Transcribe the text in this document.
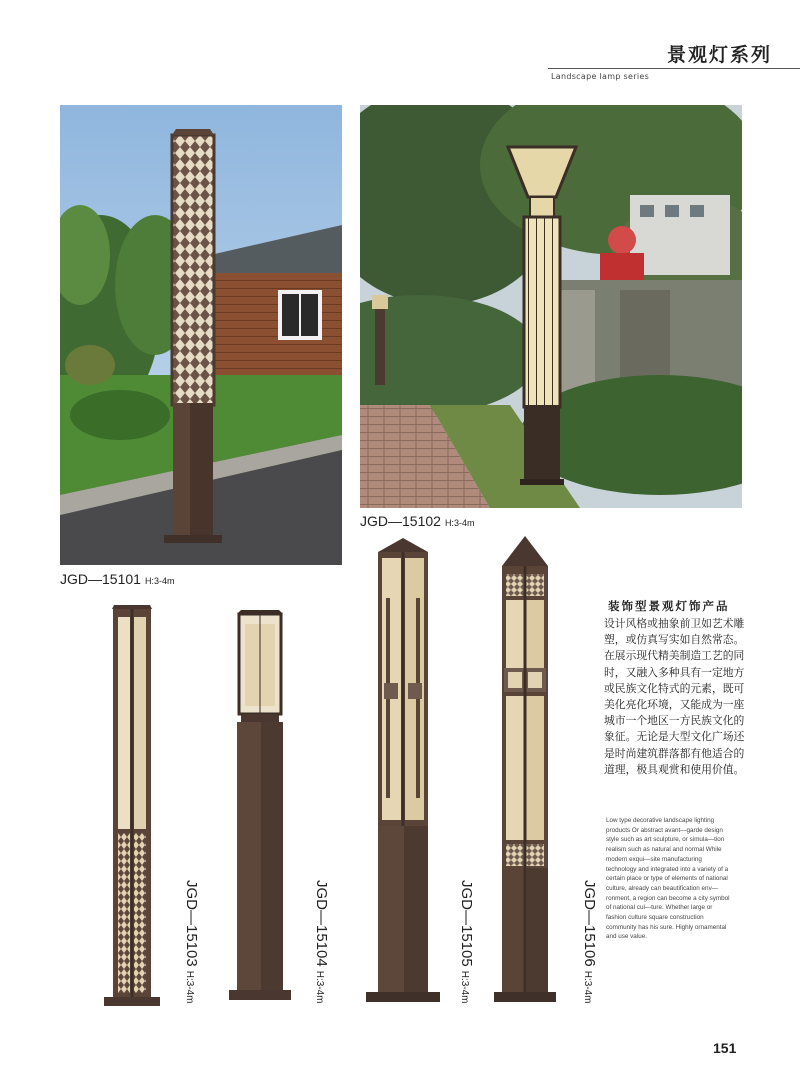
景观灯系列
Landscape lamp series
JGD—15101 H:3-4m
JGD—15102 H:3-4m
JGD—15103H:3-4m
JGD—15104H:3-4m
JGD—15105H:3-4m
JGD—15106H:3-4m
装饰型景观灯饰产品
设计风格或抽象前卫如艺术雕塑，或仿真写实如自然常态。在展示现代精美制造工艺的同时，又融入多种具有一定地方或民族文化特式的元素，既可美化亮化环境，又能成为一座城市一个地区一方民族文化的象征。无论是大型文化广场还是时尚建筑群落都有他适合的道理，极具观赏和使用价值。
Low type decorative landscape lighting products Or abstract avant—garde design style such as art sculpture, or simula—tion realism such as natural and normal While modern exqui—site manufacturing technology and integrated into a variety of a certain place or type of elements of national culture, already can beautification env—ronment, a region can become a city symbol of national cul—ture. Whether large or fashion culture square construction community has his sure. Highly ornamental and use value.
151
